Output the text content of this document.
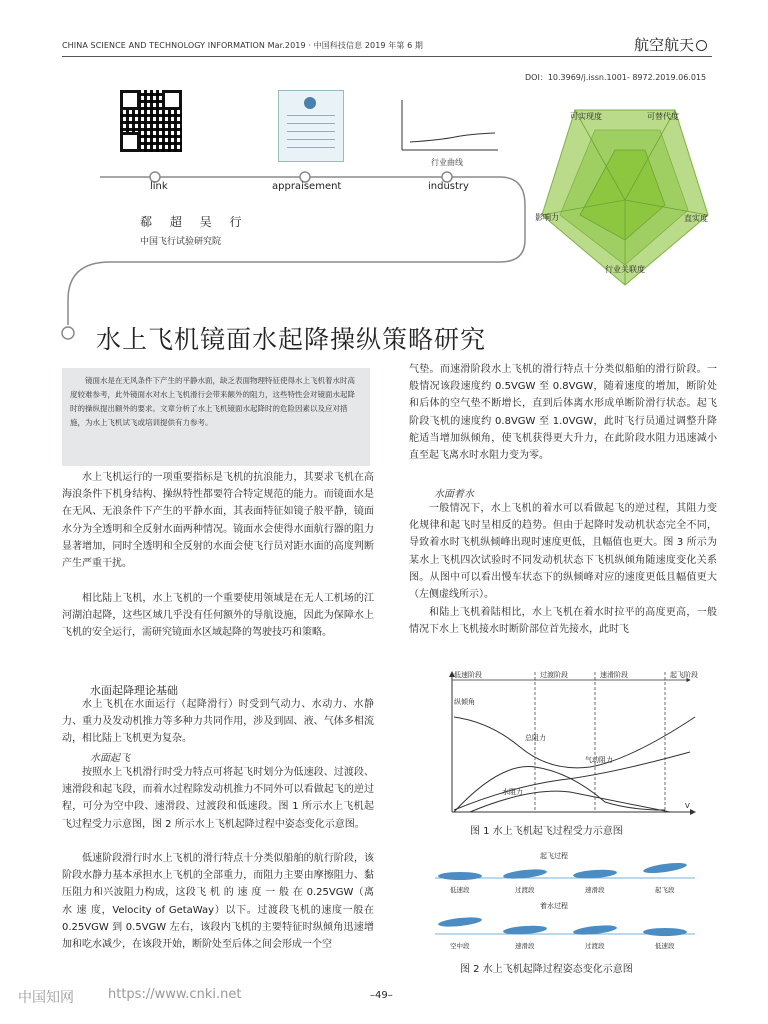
CHINA SCIENCE AND TECHNOLOGY INFORMATION Mar.2019 · 中国科技信息 2019 年第 6 期	航空航天
DOI：10.3969/j.issn.1001- 8972.2019.06.015
行业曲线
link	appraisement	industry
可实现度	可替代度
直实度
行业关联度
影响力
郗 超 吴 行
中国飞行试验研究院
水上飞机镜面水起降操纵策略研究
镜面水是在无风条件下产生的平静水面，缺乏表面物理特征使得水上飞机着水时高度较难参考，此外镜面水对水上飞机滑行会带来额外的阻力，这些特性会对镜面水起降时的操纵提出额外的要求。文章分析了水上飞机镜面水起降时的危险因素以及应对措施，为水上飞机试飞或培训提供有力参考。
水上飞机运行的一项重要指标是飞机的抗浪能力，其要求飞机在高海浪条件下机身结构、操纵特性都要符合特定规范的能力。而镜面水是在无风、无浪条件下产生的平静水面，其表面特征如镜子般平静，镜面水分为全透明和全反射水面两种情况。镜面水会使得水面航行器的阻力显著增加，同时全透明和全反射的水面会使飞行员对距水面的高度判断产生严重干扰。
相比陆上飞机，水上飞机的一个重要使用领域是在无人工机场的江河湖泊起降，这些区域几乎没有任何额外的导航设施，因此为保障水上飞机的安全运行，需研究镜面水区域起降的驾驶技巧和策略。
水面起降理论基础
水上飞机在水面运行（起降滑行）时受到气动力、水动力、水静力、重力及发动机推力等多种力共同作用，涉及到固、液、气体多相流动，相比陆上飞机更为复杂。
水面起飞
按照水上飞机滑行时受力特点可将起飞时划分为低速段、过渡段、速滑段和起飞段，而着水过程除发动机推力不同外可以看做起飞的逆过程，可分为空中段、速滑段、过渡段和低速段。图 1 所示水上飞机起飞过程受力示意图，图 2 所示水上飞机起降过程中姿态变化示意图。
低速阶段滑行时水上飞机的滑行特点十分类似船舶的航行阶段，该阶段水静力基本承担水上飞机的全部重力，而阻力主要由摩擦阻力、黏压阻力和兴波阻力构成，这段飞 机 的 速 度 一 般 在 0.25VGW（离 水 速 度，Velocity of GetaWay）以下。过渡段飞机的速度一般在 0.25VGW 到 0.5VGW 左右，该段内飞机的主要特征时纵倾角迅速增加和吃水减少，在该段开始，断阶处至后体之间会形成一个空
气垫。而速滑阶段水上飞机的滑行特点十分类似船舶的滑行阶段。一般情况该段速度约 0.5VGW 至 0.8VGW，随着速度的增加，断阶处和后体的空气垫不断增长，直到后体离水形成单断阶滑行状态。起飞阶段飞机的速度约 0.8VGW 至 1.0VGW，此时飞行员通过调整升降舵适当增加纵倾角，使飞机获得更大升力，在此阶段水阻力迅速减小直至起飞离水时水阻力变为零。
水面着水
一般情况下，水上飞机的着水可以看做起飞的逆过程，其阻力变化规律和起飞时呈相反的趋势。但由于起降时发动机状态完全不同，导致着水时飞机纵倾峰出现时速度更低，且幅值也更大。图 3 所示为某水上飞机四次试验时不同发动机状态下飞机纵倾角随速度变化关系图。从图中可以看出慢车状态下的纵倾峰对应的速度更低且幅值更大（左侧虚线所示）。
和陆上飞机着陆相比，水上飞机在着水时拉平的高度更高，一般情况下水上飞机接水时断阶部位首先接水，此时飞
低速阶段	过渡阶段	速滑阶段	起飞阶段
纵倾角
总阻力
气动阻力
水阻力
V
图 1 水上飞机起飞过程受力示意图
起飞过程
低速段	过渡段	速滑段	起飞段
着水过程
空中段	速滑段	过渡段	低速段
图 2 水上飞机起降过程姿态变化示意图
中国知网	https://www.cnki.net	–49–
